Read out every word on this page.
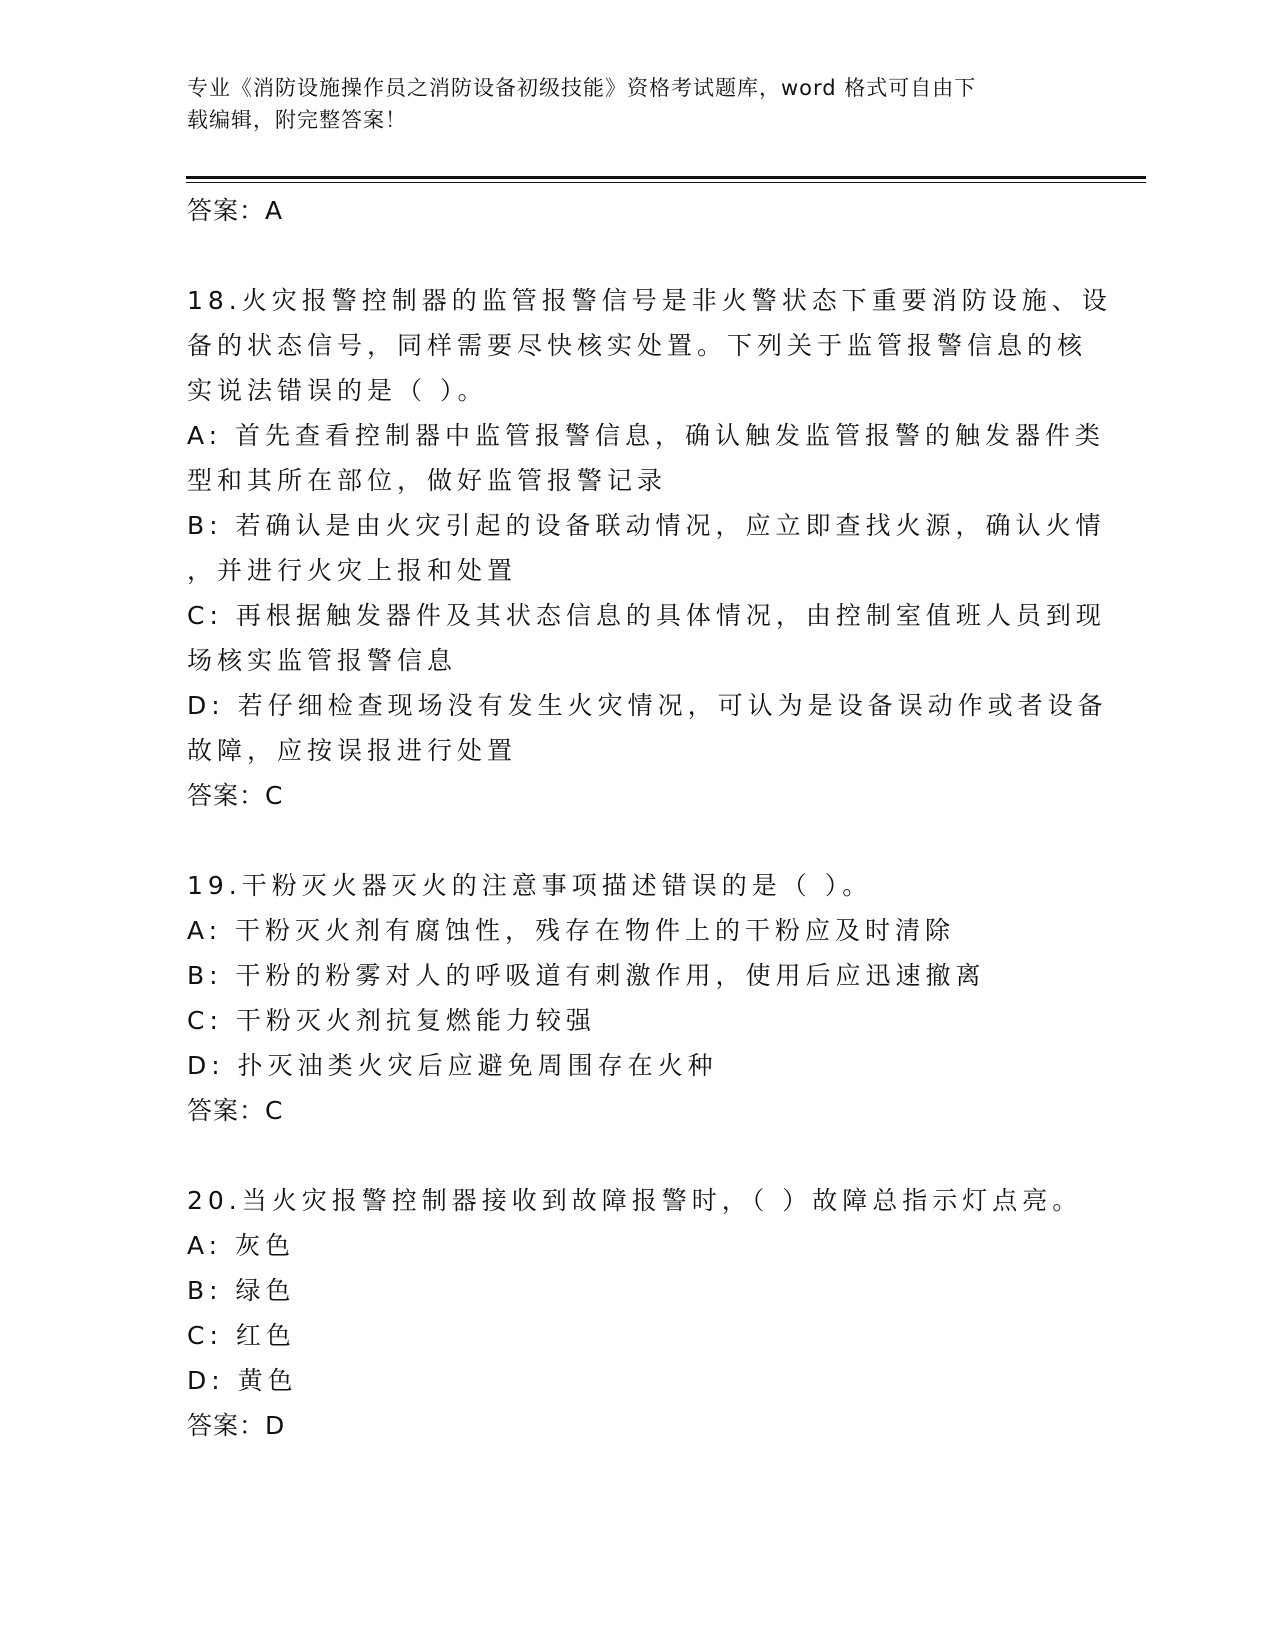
专业《消防设施操作员之消防设备初级技能》资格考试题库，word 格式可自由下
载编辑，附完整答案！
答案：A
18.火灾报警控制器的监管报警信号是非火警状态下重要消防设施、设
备的状态信号，同样需要尽快核实处置。下列关于监管报警信息的核
实说法错误的是（ ）。
A: 首先查看控制器中监管报警信息，确认触发监管报警的触发器件类
型和其所在部位，做好监管报警记录
B: 若确认是由火灾引起的设备联动情况，应立即查找火源，确认火情
，并进行火灾上报和处置
C: 再根据触发器件及其状态信息的具体情况，由控制室值班人员到现
场核实监管报警信息
D: 若仔细检查现场没有发生火灾情况，可认为是设备误动作或者设备
故障，应按误报进行处置
答案：C
19.干粉灭火器灭火的注意事项描述错误的是（ ）。
A: 干粉灭火剂有腐蚀性，残存在物件上的干粉应及时清除
B: 干粉的粉雾对人的呼吸道有刺激作用，使用后应迅速撤离
C: 干粉灭火剂抗复燃能力较强
D: 扑灭油类火灾后应避免周围存在火种
答案：C
20.当火灾报警控制器接收到故障报警时，（ ）故障总指示灯点亮。
A: 灰色
B: 绿色
C: 红色
D: 黄色
答案：D
